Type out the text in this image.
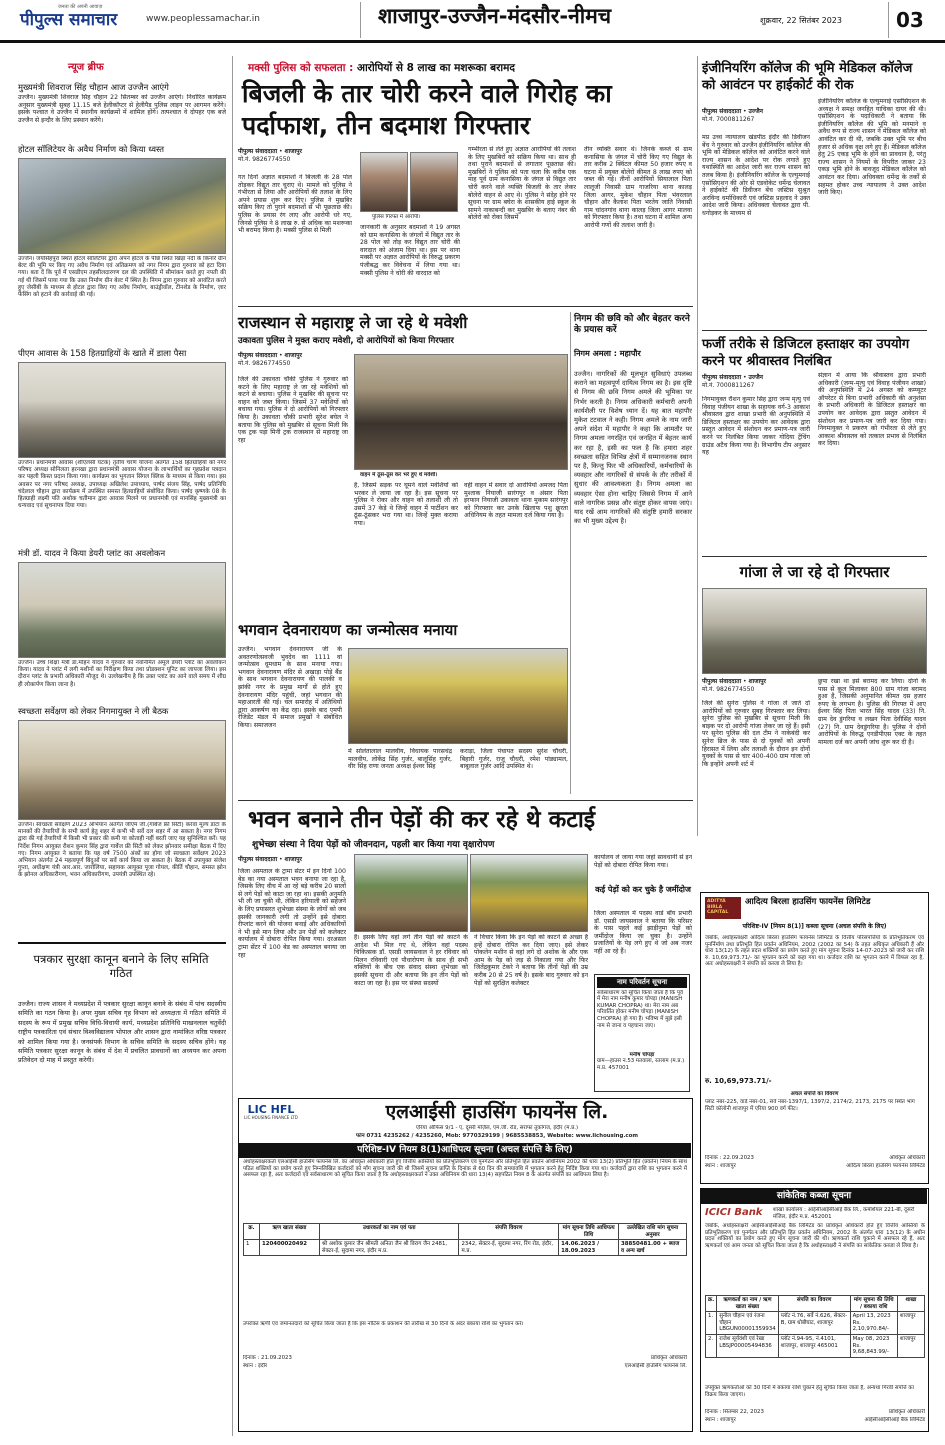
जनता की अपनी आवाज़
पीपुल्स समाचार	www.peoplessamachar.in	शाजापुर-उज्जैन-मंदसौर-नीमच	शुक्रवार, 22 सितंबर 2023	03
न्यूज ब्रीफ
मुख्यमंत्री शिवराज सिंह चौहान आज उज्जैन आएंगे
उज्जैन। मुख्यमंत्री शिवराज सिंह चौहान 22 सितम्बर को उज्जैन आएंगे। निर्धारित कार्यक्रम अनुसार मुख्यमंत्री सुबह 11.15 बजे हेलीकॉप्टर से हेलीपैड पुलिस लाइन पर आगमन करेंगे। इसके पश्चात वे उज्जैन में स्थानीय कार्यक्रमों में शामिल होंगे। तत्पश्चात वे दोपहर एक बजे उज्जैन से इन्दौर के लिए प्रस्थान करेंगे।
होटल सॉलिटेयर के अवैध निर्माण को किया ध्वस्त
उज्जैन। जयसिंहपुरा स्थित होटल सॉलिटेयर द्वारा अपने होटल के पीछे स्थित खिड़ा नदी के किनारे ग्रीन बेल्ट की भूमि पर किए गए अवैध निर्माण एवं अतिक्रमण को नगर निगम द्वारा गुरुवार को हटा दिया गया। बता दें कि पूर्व में एसडीएम तहसीलदारगण दल की उपस्थिति में सीमांकन करते हुए नपती की गई थी जिसमें पाया गया कि उक्त निर्माण ग्रीन बेल्ट में स्थित है। निगम द्वारा गुरुवार को आवंटित करते हुए जेसीबी के माध्यम से होटल द्वारा किए गए अवैध निर्माण, बाउंड्रीवॉल, टीनशेड के निर्माण, ज़ार फेंसिंग को हटाने की कार्रवाई की गई।
पीएम आवास के 158 हितग्राहियों के खाते में डाला पैसा
उज्जैन। प्रधानमंत्री आवास (शीएलसी घटक) तृतीय चरण योजना अंतर्गत 158 हितग्राहियों को नगर परिषद अध्यक्ष सोनिलता हरनखा द्वारा प्रधानमंत्री आवास योजना के लाभार्थियों का गृहप्रवेश पत्रदान कर पहली किस्त प्रदान किया गया। कार्यक्रम का भुगतान सिंगल क्लिक के माध्यम से किया गया। इस अवसर पर नगर परिषद अध्यक्ष, उपाध्यक्ष अखिलेश उपाध्याय, पार्षद संजय सिंह, पार्षद प्रतिनिधि चंदेलाल चौहान द्वारा कार्यक्रम में उपस्थित समस्त हितग्राहियों संबोधित किया। पार्षद कृष्णके 08 के हितग्राही लक्ष्मी पति अशोक चतीमान द्वारा आवास मिलने पर प्रधानमंत्री एवं मानसिंह मुख्यमंत्री का धन्यवाद एवं सूचनापत्र दिया गया।
मंत्री डॉ. यादव ने किया डेयरी प्लांट का अवलोकन
उज्जैन। उच्च शिक्षा मंत्री डॉ.मोहन यादव ने गुरुवार को नवनिर्मित अमूल डेयरी प्लांट का अवलोकन किया। यादव ने प्लांट में लगी मशीनों का निरीक्षण किया तथा प्रोडक्शन यूनिट का जायजा लिया। इस दौरान प्लांट के प्रभारी अधिकारी मौजूद थे। उल्लेखनीय है कि उक्त प्लांट का आने वाले समय में शीघ्र ही लोकार्पण किया जाना है।
स्वच्छता सर्वेक्षण को लेकर निगमायुक्त ने ली बैठक
उज्जैन। स्वच्छता सर्वेक्षण 2023 अभियान अंतर्गत जोएम जी.(गार्बेज फ्री सिटी) करवा मूल्य डाटा के मानकों की तैयारियों के सभी कार्य हेतु शहर में कभी भी सर्वे दल शहर में आ सकता है। नगर निगम द्वारा की गई तैयारियों में किसी भी प्रकार की कमी या कोताही नहीं बरती जाए यह सुनिश्चित करें। यह निर्देश निगम आयुक्त रौशन कुमार सिंह द्वारा गार्बेज फ्री सिटी को लेकर झोनवार समीक्षा बैठक में दिए गए। निगम आयुक्त ने बताया कि यह वर्ष 7500 अंकों का होगा जो स्वच्छता सर्वेक्षण 2023 अभियान अंतर्गत 24 महत्वपूर्ण बिंदुओं पर सर्वे कार्य किया जा सकता है। बैठक में उपायुक्त संजेश गुप्ता, अधीक्षण यंत्री आर.आर. जारोलिया, सहायक आयुक्त पूजा गोयल, कीर्ति चौहान, समस्त झोन के झोनल अधिकारीगण, भवन अधिकारीगण, उपयंत्री उपस्थित रहे।
पत्रकार सुरक्षा कानून बनाने के लिए समिति गठित
उज्जैन। राज्य शासन ने मध्यप्रदेश में पत्रकार सुरक्षा कानून बनाने के संबंध में पांच सदस्यीय समिति का गठन किया है। अपर मुख्य सचिव गृह विभाग को अध्यक्षता में गठित समिति में सदस्य के रूप में प्रमुख सचिव विधि-विधायी कार्य, मध्यप्रदेश प्रतिनिधि माखनलाल चतुर्वेदी राष्ट्रीय पत्रकारिता एवं संचार विश्वविद्यालय भोपाल और शासन द्वारा नामांकित वरिष्ठ पत्रकार को शामिल किया गया है। जनसंपर्क विभाग के सचिव समिति के सदस्य सचिव होंगे। यह समिति पत्रकार सुरक्षा कानून के संबंध में देश में प्रचलित प्रावधानों का अध्ययन कर अपना प्रतिवेदन दो माह में प्रस्तुत करेगी।
मक्सी पुलिस को सफलता : आरोपियों से 8 लाख का मशरूका बरामद
बिजली के तार चोरी करने वाले गिरोह का पर्दाफाश, तीन बदमाश गिरफ्तार
पीपुल्स संवाददाता • शाजापुर
मो.नं. 9826774550
पुलिस गिरफ्त में आरोपी।
गत दिनों अज्ञात बदमाशों ने बिजली के 28 पोल तोड़कर विद्युत तार चुराए थे। मामले को पुलिस ने गंभीरता से लिया और आरोपियों की तलाश के लिए अपने प्रयास शुरू कर दिए। पुलिस ने मुखबिर सक्रिय किए तो पुराने बदमाशों से भी पूछताछ की। पुलिस के प्रयास रंग लाए और आरोपी धरे गए, जिनसे पुलिस ने 8 लाख रु. से अधिक का मशरूका भी बरामद किया है। मक्सी पुलिस से मिली	जानकारी के अनुसार बदमाशों ने 19 अगस्त को ग्राम कनासिया के जंगलों में विद्युत तार के 28 पोल को तोड़ कर विद्युत तार चोरी की वारदात को अंजाम दिया था। इस पर थाना मक्सी पर अज्ञात आरोपियों के विरुद्ध प्रकरण पंजीबद्ध कर विवेचना में लिया गया था। मक्सी पुलिस ने चोरी की वारदात को
गम्भीरता से लेते हुए अज्ञात आरोपियों की तलाश के लिए मुखबिरों को सक्रिय किया था। साथ ही तथा पुराने बदमाशों से लगातार पूछताछ की। मुखबिरों ने पुलिस को पता चला कि करीब एक माह पूर्व ग्राम कनासिया के जंगल से विद्युत तार चोरी करने वाले व्यक्ति बिजली के तार लेकर बोलेरो वाहन से आए थे। पुलिस ने संदेह होने पर सूचना पर ग्राम बघेरा के शासकीय हाई स्कूल के सामने नाकाबन्दी कर मुखबिर के बताए नंबर की बोलेरो को रोका जिसमें
तीन व्यक्ति सवार थे। जिनके कब्जे से ग्राम कनासिया के जंगल में चोरी किए गए विद्युत के तार करीब 2 क्विंटल कीमत 50 हजार रुपए व घटना में प्रयुक्त बोलेरो कीमत 8 लाख रुपए को जब्त की गई। तीनों आरोपियों सियालाल पिता लालूजी निवासी ग्राम गाजरिया थाना कालड़ जिला आगर, मुकेश चौहान पिता भंवरलाल चौहान और कैलाश पिता भरतेय जाति निवासी गाम चांदनगांव थाना कालड़ जिला आगर मालवा को गिरफ्तार किया है। तथा घटना में शामिल अन्य आरोपी गणों की तलाश जारी है।
इंजीनियरिंग कॉलेज की भूमि मेडिकल कॉलेज को आवंटन पर हाईकोर्ट की रोक
पीपुल्स संवाददाता • उज्जैन
मो.नं. 7000811267
मप्र उच्च न्यायालय खंडपीठ इंदौर की डिवीजन बेंच ने गुरुवार को उज्जैन इंजीनियरिंग कॉलेज की भूमि को मेडिकल कॉलेज को आवंटित करने वाले राज्य शासन के आदेश पर रोक लगाते हुए यथास्थिति का आदेश जारी कर राज्य शासन को तलब किया है। इंजीनियरिंग कॉलेज के एल्युमनाई एसोसिएशन की ओर से एडवोकेट धर्मेन्द्र चेलावत ने हाईकोर्ट की डिवीजन बेंच जस्टिस सुश्रुत अरविन्द धर्माधिकारी एवं जस्टिस प्रहलाद ने उक्त आदेश जारी किया। अधिवक्ता चेलावत द्वारा पी. धनोड़कर के माध्यम से
इंजीनियरिंग कॉलेज के एल्युमनाई एसोसिएशन के अध्यक्ष ने समक्ष जनहित याचिका दायर की थी। एसोसिएशन के पदाधिकारी ने बताया कि इंजीनियरिंग कॉलेज की भूमि को मनमाने व अवैध रूप से राज्य शासन ने मेडिकल कॉलेज को आवंटित कर दी थी, जबकि उक्त भूमि पर बीच हजार से अधिक वृक्ष लगे हुए हैं। मेडिकल कॉलेज हेतु 25 एकड़ भूमि के होने का प्रावधान है, परंतु राज्य शासन ने नियमों के विपरीत जाकर 23 एकड़ भूमि होने के बावजूद मेडिकल कॉलेज को आवंटन कर दिया। अधिवक्ता धर्मेन्द्र के तर्कों से सहमत होकर उच्च न्यायालय ने उक्त आदेश जारी किए।
फर्जी तरीके से डिजिटल हस्ताक्षर का उपयोग करने पर श्रीवास्तव निलंबित
पीपुल्स संवाददाता • उज्जैन
मो.नं. 7000811267
निगमायुक्त रौशन कुमार सिंह द्वारा जन्म मृत्यु एवं विवाह पंजीयन शाखा के सहायक वर्ग-3 आकाश श्रीवास्तव द्वारा शाखा प्रभारी की अनुपस्थिति में डिजिटल हस्ताक्षर का उपयोग कर आवेदक द्वारा प्रस्तुत आवेदन में संशोधन कर प्रमाण-पत्र जारी करने पर निलंबित किया जाकर गोदिया ट्रेंचिंग ग्राउंड अटैच किया गया है। विभागीय टीप अनुसार यह
संज्ञान में आया कि श्रीवास्तव द्वारा प्रभारी अधिकारी (जन्म-मृत्यु एवं विवाह पंजीयन शाखा) की अनुपस्थिति में 24 अगस्त को कम्प्यूटर ऑपरेटर से बिना प्रभारी अधिकारी की अनुशंसा के प्रभारी अधिकारी के डिजिटल हस्ताक्षर का उपयोग कर आवेदक द्वारा प्रस्तुत आवेदन में संशोधन कर प्रमाण-पत्र जारी कर दिया गया। निगमायुक्त ने प्रकरण को गंभीरता से लेते हुए आकाश श्रीवास्तव को तत्काल प्रभाव से निलंबित कर दिया।
गांजा ले जा रहे दो गिरफ्तार
पीपुल्स संवाददाता • शाजापुर
मो.नं. 9826774550
जिले की सुनेरा पुलिस ने गांजा ले जाते दो आरोपियों को गुरुवार सुबह गिरफ्तार कर लिया। सुनेरा पुलिस को मुखबिर से सूचना मिली कि बाइक पर दो आरोपी गांजा लेकर जा रहे हैं। इसी पर सुनेरा पुलिस की दल टीम ने नाकेबंदी कर सुनेरा ब्रिज के पास से दो युवकों को अपनी हिरासत में लिया और तलाशी के दौरान इन दोनों युवकों के पास से चार 400-400 ग्राम गांजा जो कि इन्होंने अपनी शर्ट में
छुपा रखा था इसे बरामद कर लिया। दोनों के पास से कुल मिलाकर 800 ग्राम गांजा बरामद हुआ है, जिसकी अनुमानित कीमत दस हजार रुपए के लगभग है। पुलिस की गिरफ्त में आए ईश्वर सिंह पिता भारत सिंह यादव (33) नि. ग्राम देव डुंगरिया व लखन पिता देवीसिंह यादव (27) नि. ग्राम देवडुंगरिया है। पुलिस ने दोनों आरोपियों के विरुद्ध एनडीपीएस एक्ट के तहत मामला दर्ज कर अपनी जांच शुरू कर दी है।
राजस्थान से महाराष्ट्र ले जा रहे थे मवेशी
उकावता पुलिस ने मुक्त कराए मवेशी, दो आरोपियों को किया गिरफ्तार
पीपुल्स संवाददाता • शाजापुर
मो.नं. 9826774550
वाहन में ठूंस-ठूंस कर भरे हुए थे मवेशी।
जिले की उकावता चौकी पुलिस ने गुरुवार को कटने के लिए महाराष्ट्र ले जा रहे मवेशियों को कटने से बचाया। पुलिस ने मुखबिर की सूचना पर वाहन को जब्त किया। जिसमें 37 मवेशियों को बचाया गया। पुलिस ने दो आरोपियों को गिरफ्तार किया है। उकावता चौकी प्रभारी सुरेश बघेल ने बताया कि पुलिस को मुखबिर से सूचना मिली कि एक ट्रक पड़ा मिनी ट्रक राजस्थान से महाराष्ट्र जा रहा
है, जिसमें सड़क पर घूमने वाले मवेशियों को भरकर ले जाया जा रहा है। इस सूचना पर पुलिस ने रोका और वाहन को तलाशी ली तो उसमें 37 केड़े थे जिन्हें वाहन में पार्टीशन कर ठूंस-ठूंसकर भरा गया था। जिन्हें मुक्त कराया गया।
वहीं वाहन में सवार दो आरोपियों अमजद पिता मुश्ताक नियाजी सारंगपुर व अंसार पिता इरफान नियाजी उकावता थाना मुकाम सारंगपुर को गिरफ्तार कर उनके खिलाफ पशु क्रूरता अधिनियम के तहत मामला दर्ज किया गया है।
निगम की छवि को और बेहतर करने के प्रयास करें
निगम अमला : महापौर
उज्जैन। नागरिकों की मूलभूत सुविधाएं उपलब्ध कराने का महत्वपूर्ण दायित्व निगम का है। इस दृष्टि से निगम की छवि निगम अमले की भूमिका पर निर्भर करती है। निगम अधिकारी कर्मचारी अपनी कार्यशैली पर विशेष ध्यान दें। यह बात महापौर मुकेश टटवाल ने कही। निगम अमले के नाम जारी अपने संदेश में महापौर ने कहा कि आमतौर पर निगम अमला नगरहित एवं जनहित में बेहतर कार्य कर रहा है, इसी का फल है कि हमारा शहर स्वच्छता सहित विभिन्न क्षेत्रों में सम्मानजनक स्थान पर है, किन्तु फिर भी अधिकारियों, कर्मचारियों के व्यवहार और नागरिकों से संपर्क के तौर तरीकों में सुधार की आवश्यकता है। निगम अमला का व्यवहार ऐसा होना चाहिए जिससे निगम में आने वाले नागरिक प्रसन्न और संतुष्ट होकर वापस जाएं। याद रखें आम नागरिकों की संतुष्टि हमारी सरकार का भी मुख्य उद्देश्य है।
भगवान देवनारायण का जन्मोत्सव मनाया
उज्जैन। भगवान देवनारायण जी के अवतरणोत्सवजी भुवदेव का 1111 वां जन्मोत्सव धूमधाम के साथ मनाया गया। भगवान देवनारायण मंदिर से अखाड़ा पोड़े बैंड के साथ भगवान देवनारायण की पालकी व झांकी नगर के प्रमुख मार्गों से होते हुए देवनारायण मंदिर पहुंची, जहां भगवान की महाआरती की गई। चल समारोह में अतिथियों द्वारा आकर्षण का केंद्र रहा। इसके बाद एमपी रेजिडेंट मंडल में समाज प्रमुखों ने संबोधित किया। समाजजन
में सोलंतालाल मालवीय, विधायक पारसचंद्र मालवीय, लोकेंद्र सिंह गुर्जर, बालूसिंह गुर्जर, वीर सिंह राणा जनता अध्यक्ष ईश्वर सिंह
कराड़ा, जिला पंचायत सदस्य सुरेश चौधरी, बिहारी गुर्जर, राजू चौधरी, रमेश पांड्यामल, बाबूलाल गुर्जर आदि उपस्थित थे।
भवन बनाने तीन पेड़ों की कर रहे थे कटाई
शुभेच्छा संस्था ने दिया पेड़ों को जीवनदान, पहली बार किया गया वृक्षारोपण
पीपुल्स संवाददाता • शाजापुर
जिला अस्पताल के ट्रामा सेंटर में इन दिनों 100 बेड का नया अस्पताल भवन बनाया जा रहा है, जिसके लिए वीच में आ रहे बड़े करीब 20 सालों से लगे पेड़ों को काटा जा रहा था। इसकी अनुमति भी ली जा चुकी थी, लेकिन हरियाली को सहेजने के लिए प्रयासरत शुभेच्छा संस्था के लोगों को जब इसकी जानकारी लगी तो उन्होंने इसे दोबारा रीप्लांट करने की योजना बनाई और अधिकारियों ने भी इसे मान लिया और उन पेड़ों को कलेक्टर कार्यालय में दोबारा रोपित किया गया। दरअसल ट्रामा सेंटर में 100 बेड का अस्पताल बनाया जा रहा
है। इसके लिए वहां लगे तीन पेड़ों को काटने के आदेश भी मिल गए थे, लेकिन वहां पदस्थ चिकित्सक डॉ. एसडी जायसवाल ने हर रविवार को मिलन रविवारी एवं पौधारोपण के साथ ही सभी वक्तियों के बीच एक संवाद संस्था शुभेच्छा को इसकी सूचना दी और बताया कि इन तीन पेड़ों को काटा जा रहा है। इस पर संस्था सदस्यों
ने विचार किया कि इन पेड़ों को काटने से अच्छा है इन्हें दोबारा रोपित कर दिया जाए। इसे लेकर पोकलेन मशीन से वहां लगे दो अशोक के और एक आम के पेड़ को जड़ से निकाला गया और फिर जितेंद्रकुमार टेकरे ने बताया कि तीनों पेड़ों की उम्र करीब 20 से 25 वर्ष है। इसके बाद गुरुवार को इन पेड़ों को सुरक्षित कलेक्टर
कार्यालय ले जाया गया जहां सावधानी से इन पेड़ों को दोबारा रोपित किया गया।
कई पेड़ों को कर चुके है जमींदोज
जिला अस्पताल में पदस्थ वार्ड बॉय प्रभारी डॉ. एसडी जायसवाल ने बताया कि परिसर के पास पहले कई झाड़ीनुमा पेड़ों को जमींदोज किया जा चुका है। उन्होंने प्रजातियों के पेड़ लगे हुए थे जो अब नजर नहीं आ रहे हैं।
नाम परिवर्तन सूचना
सर्वसाधारण को सूचित किया जाता है कि पूर्व में मेरा नाम मनीष कुमार चोपड़ा (MANISH KUMAR CHOPRA) था। मेरा नाम अब परिवर्तित होकर मनीष चोपड़ा (MANISH CHOPRA) हो गया है। भविष्य में मुझे इसी नाम से जाना व पहचाना जाए।
मनीष चोपड़ा
ग्राम—हाउस न.53 मतवाला, रतलाम (म.प्र.)
म.प्र. 457001
LIC HFL
LIC HOUSING FINANCE LTD	एलआईसी हाउसिंग फायनेंस लि.
एरिया ऑफिस 9/1 - ए, दूसरी मंज़िल, एम.जी. रोड, सराफा तुकोगंज, इंदौर (म.प्र.)
फोन 0731 4235262 / 4235260, Mob: 9770329199 | 9685538853, Website: www.lichousing.com
परिशिष्ट-IV नियम 8(1)आधिपत्य सूचना (अचल संपत्ति के लिए)
अधोहस्ताक्षरकर्ता एलआईसी हाउसिंग फायनेंस लि. का अधिकृत अधिकारी होते हुए वित्तीय आस्तियों का प्रतिभूतिकरण एवं पुनर्गठन और प्रतिभूति हित प्रवर्तन अधिनियम 2002 की धारा 13(2) प्रतिभूति हित (प्रवर्तन) नियम के साथ पठित शक्तियों का प्रयोग करते हुए निम्नलिखित कर्जदारों को माँग सूचना जारी की थी जिसमें सूचना प्राप्ति के दिनांक से 60 दिन की समयावधि में भुगतान करने हेतु निर्दिष्ट किया गया था। कर्जदारों द्वारा राशि का भुगतान करने में असफल रहा है, अतः कर्जदारों एवं सर्वसाधारण को सूचित किया जाता है कि अधोहस्ताक्षरकर्ता ने उक्त अधिनियम की धारा 13(4) सहपठित नियम 8 के अंतर्गत संपत्ति का आधिपत्य लिया है।
क्र.	ऋण खाता संख्या	उधारकर्ता का नाम एवं पता	संपत्ति विवरण	मांग सूचना तिथि आधिपत्य तिथि	उल्लेखित राशि मांग सूचना अनुसार
1	120400020492	श्री अशोक कुमार जैन श्रीमती अनिता जैन श्री विराग जैन 2481, सेक्टर-ई, सुदामा नगर, इंदौर म.प्र.	2342, सेक्टर-ई, सुदामा नगर, रिंग रोड, इंदौर, म.प्र.	14.06.2023 / 18.09.2023	38850481.00 + ब्याज व अन्य खर्च
उपरोक्त ऋणी एवं जमानतदारों को सूचित किया जाता है कि इस नोटिस के प्रकाशन की तारीख से 30 दिनों के अंदर बकाया राशि का भुगतान करें।
दिनांक : 21.09.2023
स्थान : इंदौर
प्राधिकृत अधिकारी
एलआईसी हाउसिंग फायनेंस लि.
ADITYA BIRLA CAPITAL
आदित्य बिरला हाउसिंग फायनेंस लिमिटेड
परिशिष्ट-IV [नियम 8(1)] कब्जा सूचना (अचल संपत्ति के लिए)
जबकि, अधोहस्ताक्षरी आदित्य बिरला हाउसिंग फायनेंस लिमिटेड के वित्तीय परिसंपत्तियों के प्रतिभूतिकरण एवं पुनर्निर्माण तथा प्रतिभूति हित प्रवर्तन अधिनियम, 2002 (2002 का 54) के तहत अधिकृत अधिकारी हैं और धारा 13(12) के तहत प्रदत्त शक्तियों का प्रयोग करते हुए मांग सूचना दिनांक 14-07-2023 को जारी कर राशि रु. 10,69,973.71/- का भुगतान करने को कहा गया था। कर्जदार राशि का भुगतान करने में विफल रहा है, अतः अधोहस्ताक्षरी ने संपत्ति का कब्जा ले लिया है।
रु. 10,69,973.71/-
अचल संपत्ति का विवरण
प्लाट नंबर-225, वार्ड नंबर-01, सर्वे नंबर-1397/1, 1397/2, 2174/2, 2173, 2175 पर स्थित भाग सिटी कॉलोनी शाजापुर में एरिया 900 वर्ग फीट।
दिनांक : 22.09.2023
स्थान : शाजापुर
अधिकृत अधिकारी
आदित्य बिरला हाउसिंग फायनेंस लिमिटेड
सांकेतिक कब्जा सूचना
ICICI Bank शाखा कार्यालय : आईसीआईसीआई बैंक लि., कमर्शियल 221-बी, दूसरी मंजिल, इंदौर म.प्र. 452001
जबकि, अधोहस्ताक्षरी आईसीआईसीआई बैंक लिमिटेड का प्राधिकृत अधिकारी होते हुए वित्तीय आस्तियों के प्रतिभूतिकरण एवं पुनर्गठन और प्रतिभूति हित प्रवर्तन अधिनियम, 2002 के अंतर्गत धारा 13(12) के अधीन प्रदत्त शक्तियों का प्रयोग करते हुए मांग सूचना जारी की थी। ऋणकर्ता राशि चुकाने में असफल रहे हैं, अतः ऋणकर्ता एवं आम जनता को सूचित किया जाता है कि अधोहस्ताक्षरी ने संपत्ति का सांकेतिक कब्जा ले लिया है।
क्र.	ऋणकर्ता का नाम / ऋण खाता संख्या	संपत्ति का विवरण	मांग सूचना की तिथि / बकाया राशि	शाखा
1.	सुनील चौहान एवं रंजना चौहान LBGUN00001359934	प्लॉट नं.76, सर्वे नं.626, सेक्टर-B, ग्राम धोबीघाट, शाजापुर	April 13, 2023 Rs. 2,10,970.84/-	शाजापुर
2.	राजेश सूर्यवंशी एवं रेखा LBSJP00005494836	प्लॉट नं.94-95, नं.4101, शाजापुर, शाजापुर 465001	May 08, 2023 Rs. 9,68,843.99/-	शाजापुर
उपर्युक्त ऋणकर्ताओं को 30 दिनों में बकाया राशि चुकाने हेतु सूचित किया जाता है, अन्यथा गिरवी संपत्ति का विक्रय किया जाएगा।
दिनांक : सितम्बर 22, 2023
स्थान : शाजापुर
प्राधिकृत अधिकारी
आईसीआईसीआई बैंक लिमिटेड
